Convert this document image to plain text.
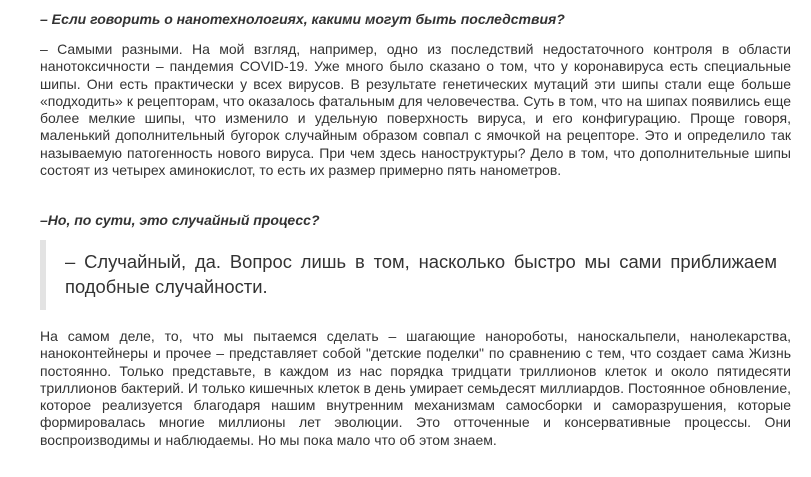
– Если говорить о нанотехнологиях, какими могут быть последствия?

– Самыми разными. На мой взгляд, например, одно из последствий недостаточного контроля в области нанотоксичности – пандемия COVID-19. Уже много было сказано о том, что у коронавируса есть специальные шипы. Они есть практически у всех вирусов. В результате генетических мутаций эти шипы стали еще больше «подходить» к рецепторам, что оказалось фатальным для человечества. Суть в том, что на шипах появились еще более мелкие шипы, что изменило и удельную поверхность вируса, и его конфигурацию. Проще говоря, маленький дополнительный бугорок случайным образом совпал с ямочкой на рецепторе. Это и определило так называемую патогенность нового вируса. При чем здесь наноструктуры? Дело в том, что дополнительные шипы состоят из четырех аминокислот, то есть их размер примерно пять нанометров.

–Но, по сути, это случайный процесс?

– Случайный, да. Вопрос лишь в том, насколько быстро мы сами приближаем подобные случайности.

На самом деле, то, что мы пытаемся сделать – шагающие нанороботы, наноскальпели, нанолекарства, наноконтейнеры и прочее – представляет собой "детские поделки" по сравнению с тем, что создает сама Жизнь постоянно. Только представьте, в каждом из нас порядка тридцати триллионов клеток и около пятидесяти триллионов бактерий. И только кишечных клеток в день умирает семьдесят миллиардов. Постоянное обновление, которое реализуется благодаря нашим внутренним механизмам самосборки и саморазрушения, которые формировалась многие миллионы лет эволюции. Это отточенные и консервативные процессы. Они воспроизводимы и наблюдаемы. Но мы пока мало что об этом знаем.
